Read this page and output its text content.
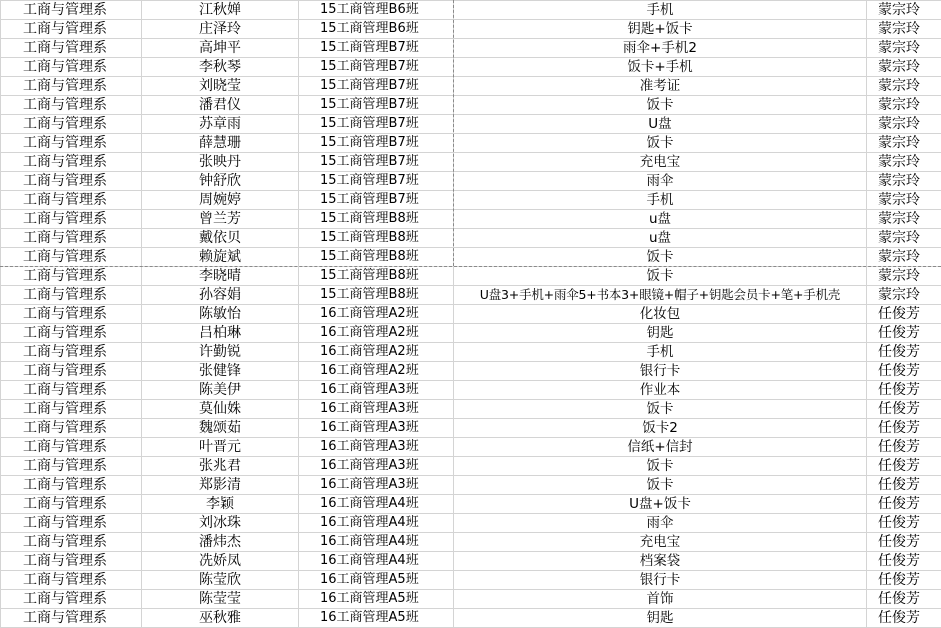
工商与管理系	江秋婵	15工商管理B6班	手机	蒙宗玲
工商与管理系	庄泽玲	15工商管理B6班	钥匙+饭卡	蒙宗玲
工商与管理系	高坤平	15工商管理B7班	雨伞+手机2	蒙宗玲
工商与管理系	李秋琴	15工商管理B7班	饭卡+手机	蒙宗玲
工商与管理系	刘晓莹	15工商管理B7班	准考证	蒙宗玲
工商与管理系	潘君仪	15工商管理B7班	饭卡	蒙宗玲
工商与管理系	苏章雨	15工商管理B7班	U盘	蒙宗玲
工商与管理系	薛慧珊	15工商管理B7班	饭卡	蒙宗玲
工商与管理系	张映丹	15工商管理B7班	充电宝	蒙宗玲
工商与管理系	钟舒欣	15工商管理B7班	雨伞	蒙宗玲
工商与管理系	周婉婷	15工商管理B7班	手机	蒙宗玲
工商与管理系	曾兰芳	15工商管理B8班	u盘	蒙宗玲
工商与管理系	戴依贝	15工商管理B8班	u盘	蒙宗玲
工商与管理系	赖旋斌	15工商管理B8班	饭卡	蒙宗玲
工商与管理系	李晓晴	15工商管理B8班	饭卡	蒙宗玲
工商与管理系	孙容娟	15工商管理B8班	U盘3+手机+雨伞5+书本3+眼镜+帽子+钥匙会员卡+笔+手机壳	蒙宗玲
工商与管理系	陈敏怡	16工商管理A2班	化妆包	任俊芳
工商与管理系	吕柏琳	16工商管理A2班	钥匙	任俊芳
工商与管理系	许勤锐	16工商管理A2班	手机	任俊芳
工商与管理系	张健锋	16工商管理A2班	银行卡	任俊芳
工商与管理系	陈美伊	16工商管理A3班	作业本	任俊芳
工商与管理系	莫仙姝	16工商管理A3班	饭卡	任俊芳
工商与管理系	魏颂茹	16工商管理A3班	饭卡2	任俊芳
工商与管理系	叶晋元	16工商管理A3班	信纸+信封	任俊芳
工商与管理系	张兆君	16工商管理A3班	饭卡	任俊芳
工商与管理系	郑影清	16工商管理A3班	饭卡	任俊芳
工商与管理系	李颖	16工商管理A4班	U盘+饭卡	任俊芳
工商与管理系	刘冰珠	16工商管理A4班	雨伞	任俊芳
工商与管理系	潘炜杰	16工商管理A4班	充电宝	任俊芳
工商与管理系	冼娇凤	16工商管理A4班	档案袋	任俊芳
工商与管理系	陈莹欣	16工商管理A5班	银行卡	任俊芳
工商与管理系	陈莹莹	16工商管理A5班	首饰	任俊芳
工商与管理系	巫秋雅	16工商管理A5班	钥匙	任俊芳
